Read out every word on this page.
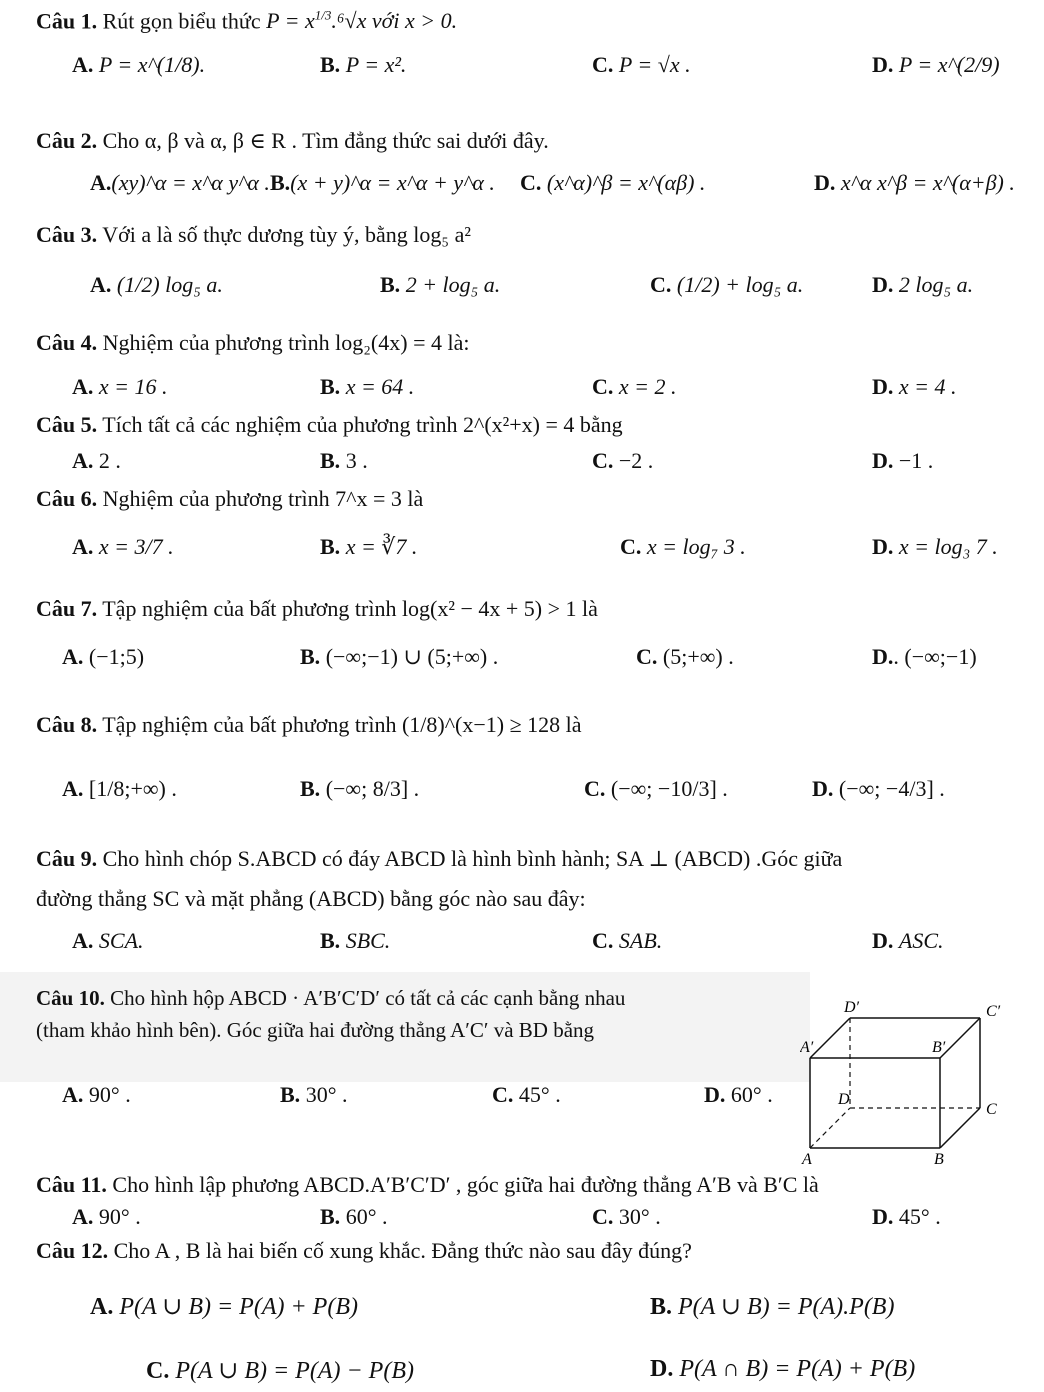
Câu 1. Rút gọn biểu thức $P = x^{1/3}.^6√x$ với x > 0.
A. P = x^(1/8).	B. P = x².	C. P = √x .	D. P = x^(2/9)
Câu 2. Cho α, β và α, β ∈ R . Tìm đẳng thức sai dưới đây.
A.(xy)^α = x^α y^α . B.(x + y)^α = x^α + y^α . C. (x^α)^β = x^(αβ) .	D. x^α x^β = x^(α+β) .
Câu 3. Với a là số thực dương tùy ý, bằng log₅ a²
A. (1/2) log₅ a.	B. 2 + log₅ a.	C. (1/2) + log₅ a.	D. 2 log₅ a.
Câu 4. Nghiệm của phương trình log₂(4x) = 4 là:
A. x = 16 .	B. x = 64 .	C. x = 2 .	D. x = 4 .
Câu 5. Tích tất cả các nghiệm của phương trình 2^(x²+x) = 4 bằng
A. 2 .	B. 3 .	C. −2 .	D. −1 .
Câu 6. Nghiệm của phương trình 7^x = 3 là
A. x = 3/7 .	B. x = ∛7 .	C. x = log₇ 3 .	D. x = log₃ 7 .
Câu 7. Tập nghiệm của bất phương trình log(x² − 4x + 5) > 1 là
A. (−1;5)	B. (−∞;−1) ∪ (5;+∞) .	C. (5;+∞) .	D.. (−∞;−1)
Câu 8. Tập nghiệm của bất phương trình (1/8)^(x−1) ≥ 128 là
A. [1/8;+∞) .	B. (−∞; 8/3] .	C. (−∞; −10/3] .	D. (−∞; −4/3] .
Câu 9. Cho hình chóp S.ABCD có đáy ABCD là hình bình hành; SA ⊥ (ABCD) .Góc giữa
đường thẳng SC và mặt phẳng (ABCD) bằng góc nào sau đây:
A. SCA.	B. SBC.	C. SAB.	D. ASC.
Câu 10. Cho hình hộp ABCD · A′B′C′D′ có tất cả các cạnh bằng nhau
(tham khảo hình bên). Góc giữa hai đường thẳng A′C′ và BD bằng
A. 90° .	B. 30° .	C. 45° .	D. 60° .
D′	C′
A′	B′
D
C
A	B
Câu 11. Cho hình lập phương ABCD.A′B′C′D′ , góc giữa hai đường thẳng A′B và B′C là
A. 90° .	B. 60° .	C. 30° .	D. 45° .
Câu 12. Cho A , B là hai biến cố xung khắc. Đẳng thức nào sau đây đúng?
A. P(A ∪ B) = P(A) + P(B)	B. P(A ∪ B) = P(A).P(B)
C. P(A ∪ B) = P(A) − P(B)	D. P(A ∩ B) = P(A) + P(B)
